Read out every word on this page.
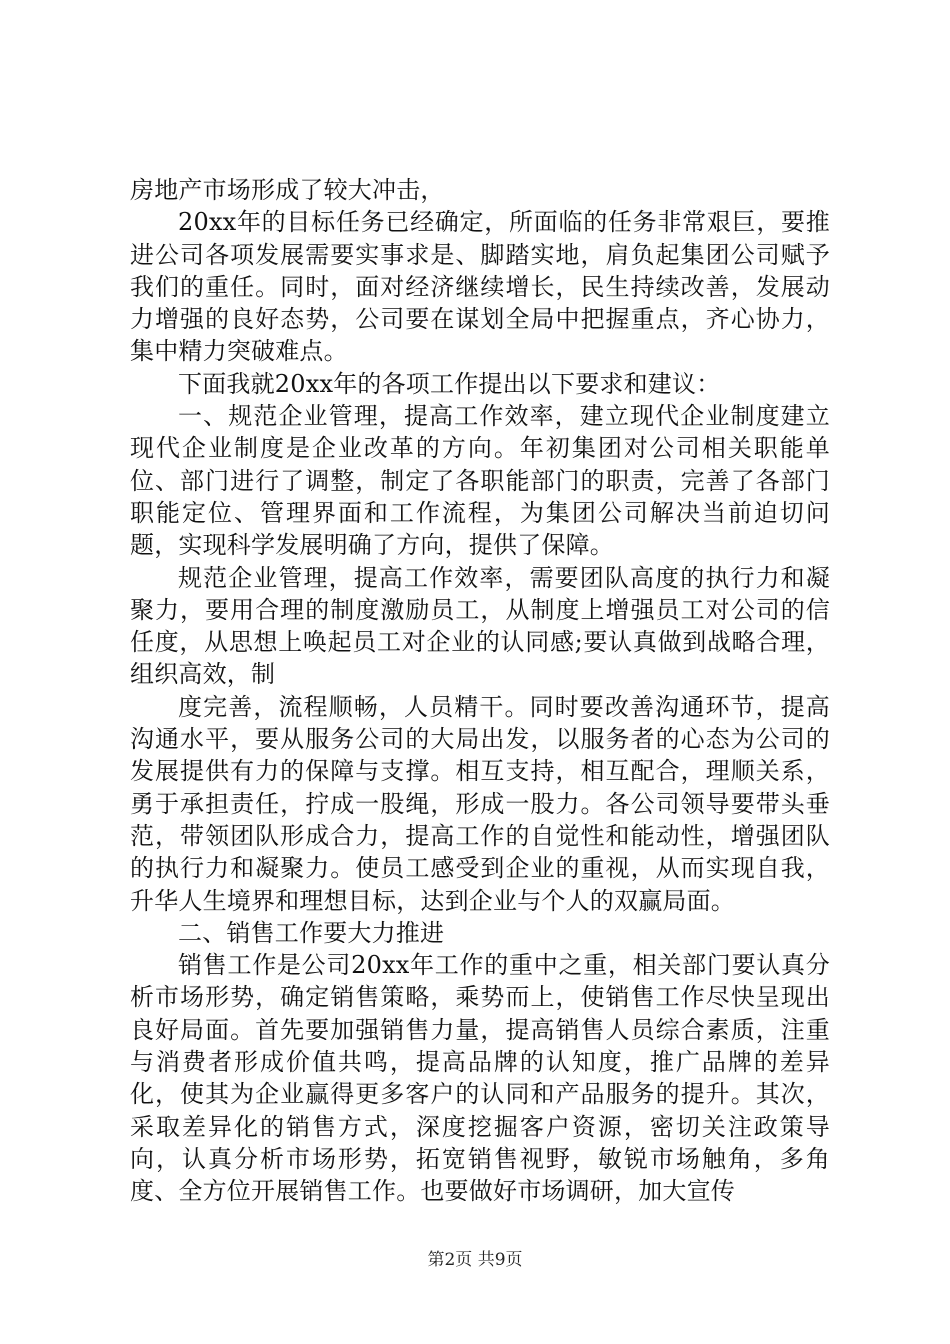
房地产市场形成了较大冲击，

20xx年的目标任务已经确定，所面临的任务非常艰巨，要推进公司各项发展需要实事求是、脚踏实地，肩负起集团公司赋予我们的重任。同时，面对经济继续增长，民生持续改善，发展动力增强的良好态势，公司要在谋划全局中把握重点，齐心协力，集中精力突破难点。

下面我就20xx年的各项工作提出以下要求和建议：

一、规范企业管理，提高工作效率，建立现代企业制度建立现代企业制度是企业改革的方向。年初集团对公司相关职能单位、部门进行了调整，制定了各职能部门的职责，完善了各部门职能定位、管理界面和工作流程，为集团公司解决当前迫切问题，实现科学发展明确了方向，提供了保障。

规范企业管理，提高工作效率，需要团队高度的执行力和凝聚力，要用合理的制度激励员工，从制度上增强员工对公司的信任度，从思想上唤起员工对企业的认同感;要认真做到战略合理，组织高效，制

度完善，流程顺畅，人员精干。同时要改善沟通环节，提高沟通水平，要从服务公司的大局出发，以服务者的心态为公司的发展提供有力的保障与支撑。相互支持，相互配合，理顺关系，勇于承担责任，拧成一股绳，形成一股力。各公司领导要带头垂范，带领团队形成合力，提高工作的自觉性和能动性，增强团队的执行力和凝聚力。使员工感受到企业的重视，从而实现自我，升华人生境界和理想目标，达到企业与个人的双赢局面。

二、销售工作要大力推进

销售工作是公司20xx年工作的重中之重，相关部门要认真分析市场形势，确定销售策略，乘势而上，使销售工作尽快呈现出良好局面。首先要加强销售力量，提高销售人员综合素质，注重与消费者形成价值共鸣，提高品牌的认知度，推广品牌的差异化，使其为企业赢得更多客户的认同和产品服务的提升。其次，采取差异化的销售方式，深度挖掘客户资源，密切关注政策导向，认真分析市场形势，拓宽销售视野，敏锐市场触角，多角度、全方位开展销售工作。也要做好市场调研，加大宣传

第2页 共9页
